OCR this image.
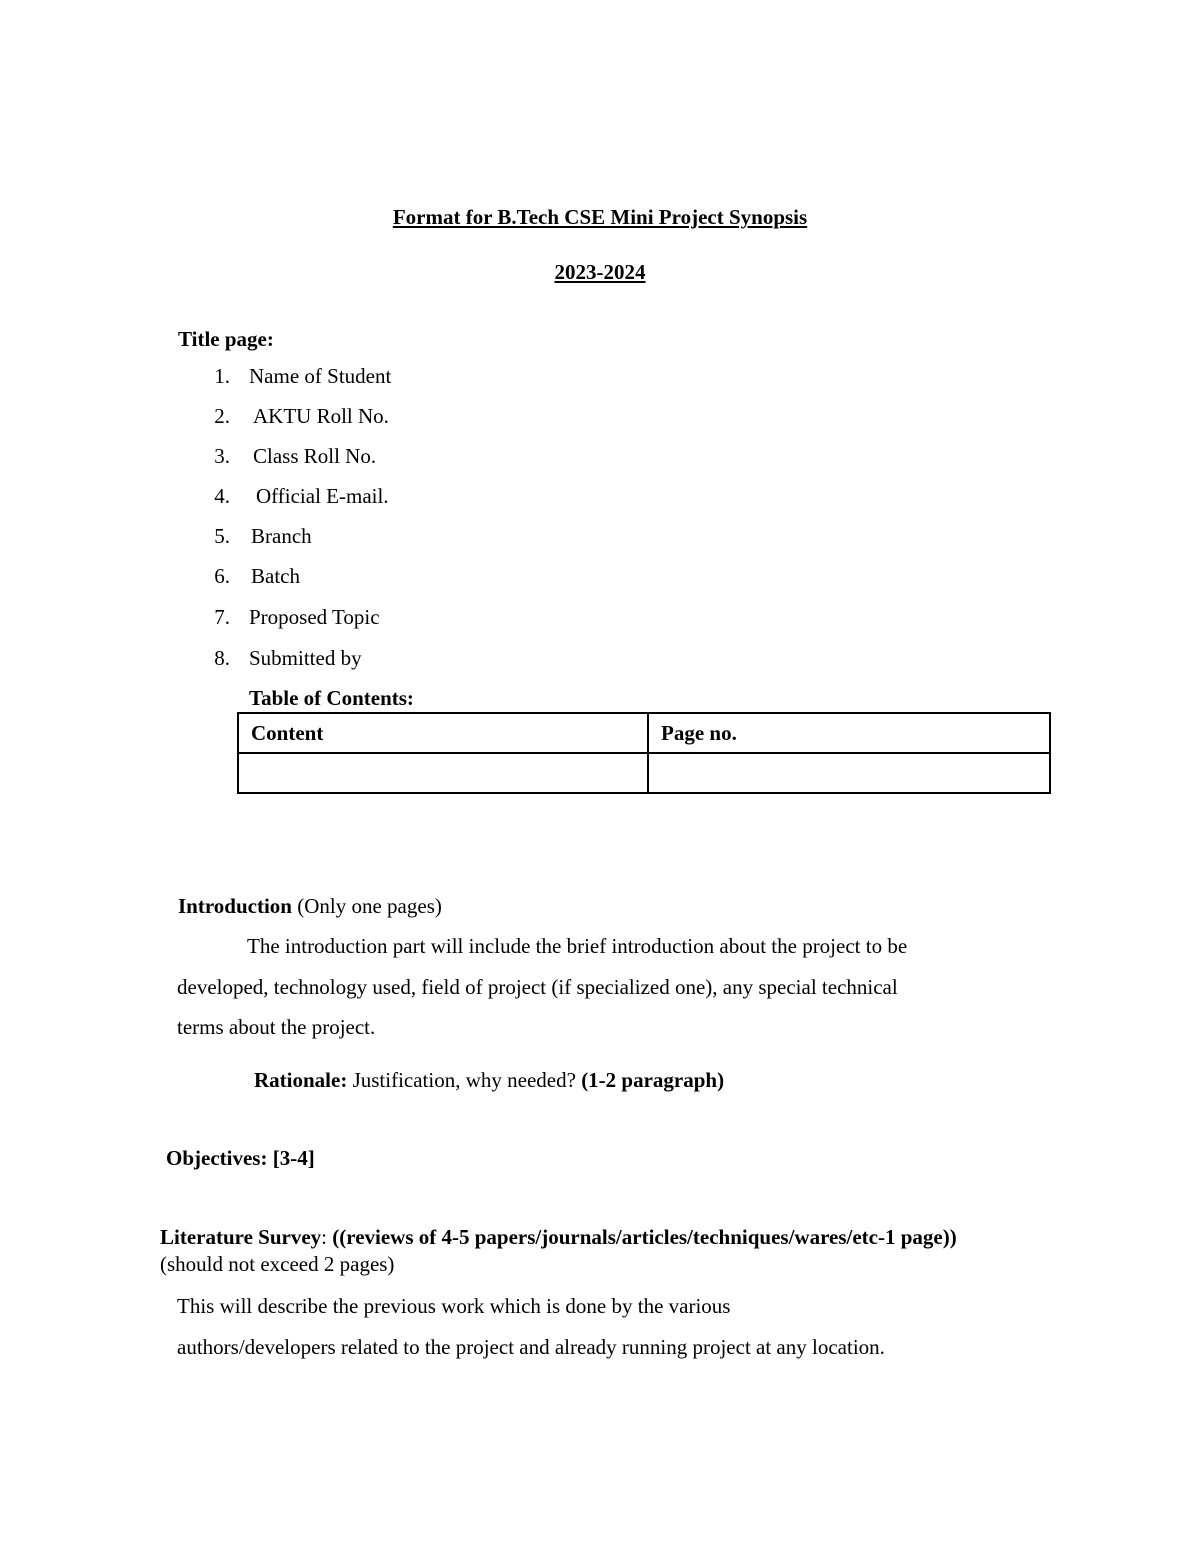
Format for B.Tech CSE Mini Project Synopsis
2023-2024
Title page:
1. Name of Student
2. AKTU Roll No.
3. Class Roll No.
4. Official E-mail.
5. Branch
6. Batch
7. Proposed Topic
8. Submitted by
Table of Contents:
Content	Page no.

Introduction (Only one pages)
The introduction part will include the brief introduction about the project to be
developed, technology used, field of project (if specialized one), any special technical
terms about the project.
Rationale: Justification, why needed? (1-2 paragraph)
Objectives: [3-4]
Literature Survey: ((reviews of 4-5 papers/journals/articles/techniques/wares/etc-1 page))
(should not exceed 2 pages)
This will describe the previous work which is done by the various
authors/developers related to the project and already running project at any location.
